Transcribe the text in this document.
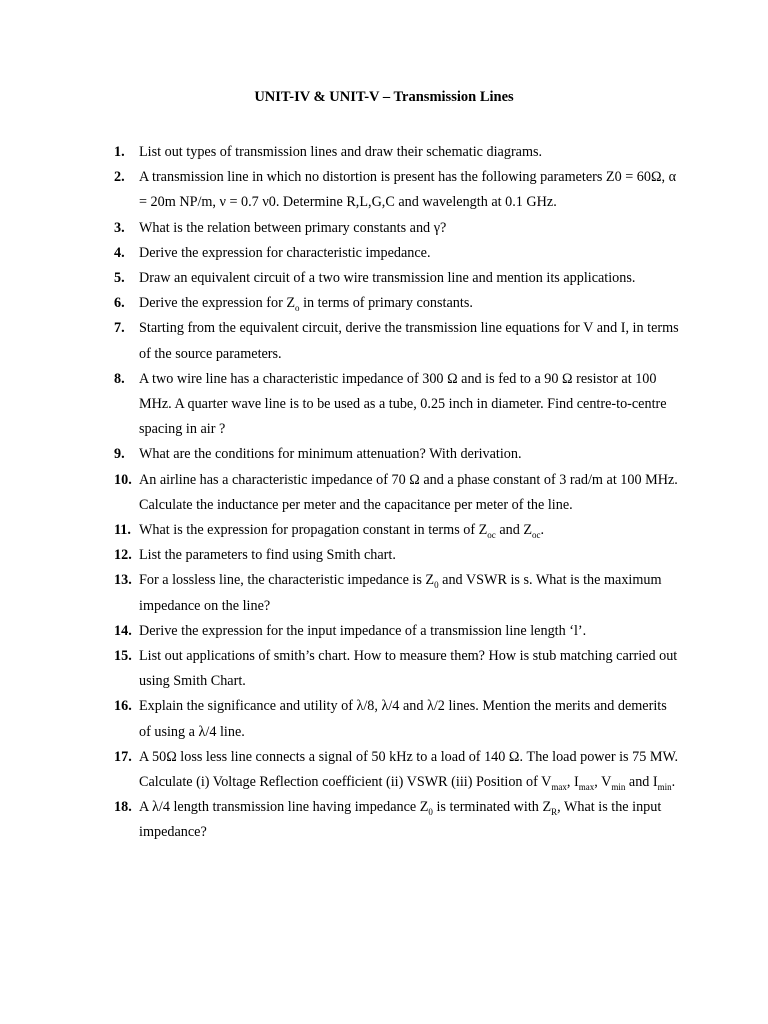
UNIT-IV & UNIT-V – Transmission Lines
1. List out types of transmission lines and draw their schematic diagrams.
2. A transmission line in which no distortion is present has the following parameters Z0 = 60Ω, α = 20m NP/m, ν = 0.7 ν0. Determine R,L,G,C and wavelength at 0.1 GHz.
3. What is the relation between primary constants and γ?
4. Derive the expression for characteristic impedance.
5. Draw an equivalent circuit of a two wire transmission line and mention its applications.
6. Derive the expression for $Z_o$ in terms of primary constants.
7. Starting from the equivalent circuit, derive the transmission line equations for V and I, in terms of the source parameters.
8. A two wire line has a characteristic impedance of 300 Ω and is fed to a 90 Ω resistor at 100 MHz. A quarter wave line is to be used as a tube, 0.25 inch in diameter. Find centre-to-centre spacing in air ?
9. What are the conditions for minimum attenuation? With derivation.
10. An airline has a characteristic impedance of 70 Ω and a phase constant of 3 rad/m at 100 MHz. Calculate the inductance per meter and the capacitance per meter of the line.
11. What is the expression for propagation constant in terms of $Z_{oc}$ and $Z_{oc}$.
12. List the parameters to find using Smith chart.
13. For a lossless line, the characteristic impedance is $Z_0$ and VSWR is s. What is the maximum impedance on the line?
14. Derive the expression for the input impedance of a transmission line length ‘l’.
15. List out applications of smith’s chart. How to measure them? How is stub matching carried out using Smith Chart.
16. Explain the significance and utility of λ/8, λ/4 and λ/2 lines. Mention the merits and demerits of using a λ/4 line.
17. A 50Ω loss less line connects a signal of 50 kHz to a load of 140 Ω. The load power is 75 MW. Calculate (i) Voltage Reflection coefficient (ii) VSWR (iii) Position of $V_{max}$, $I_{max}$, $V_{min}$ and $I_{min}$.
18. A λ/4 length transmission line having impedance $Z_0$ is terminated with $Z_R$, What is the input impedance?
